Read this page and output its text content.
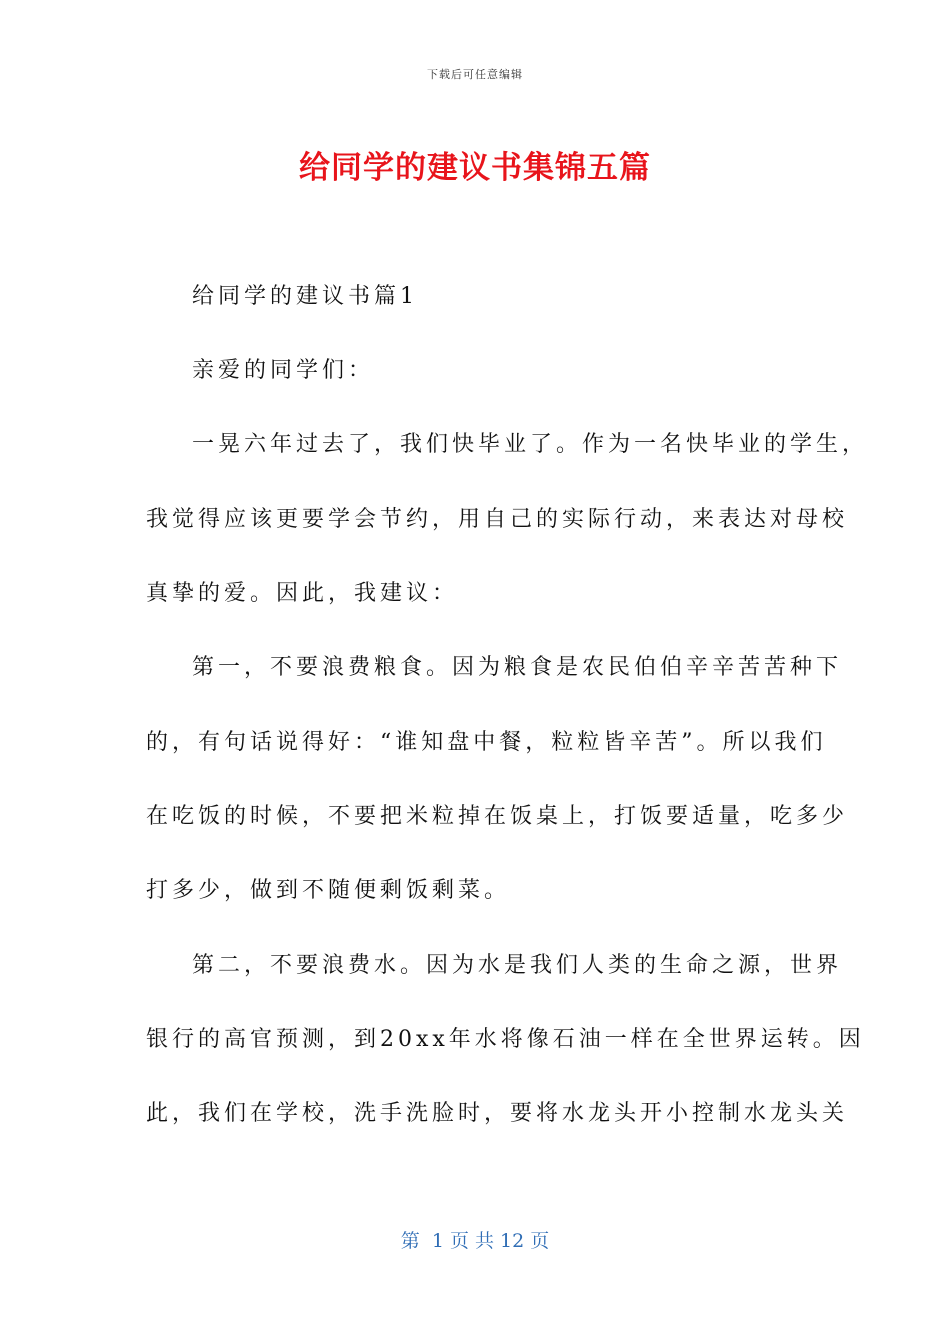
下载后可任意编辑
给同学的建议书集锦五篇
给同学的建议书篇1
亲爱的同学们：
一晃六年过去了，我们快毕业了。作为一名快毕业的学生，
我觉得应该更要学会节约，用自己的实际行动，来表达对母校
真挚的爱。因此，我建议：
第一，不要浪费粮食。因为粮食是农民伯伯辛辛苦苦种下
的，有句话说得好：“谁知盘中餐，粒粒皆辛苦”。所以我们
在吃饭的时候，不要把米粒掉在饭桌上，打饭要适量，吃多少
打多少，做到不随便剩饭剩菜。
第二，不要浪费水。因为水是我们人类的生命之源，世界
银行的高官预测，到20xx年水将像石油一样在全世界运转。因
此，我们在学校，洗手洗脸时，要将水龙头开小控制水龙头关
第  1 页 共 12 页
